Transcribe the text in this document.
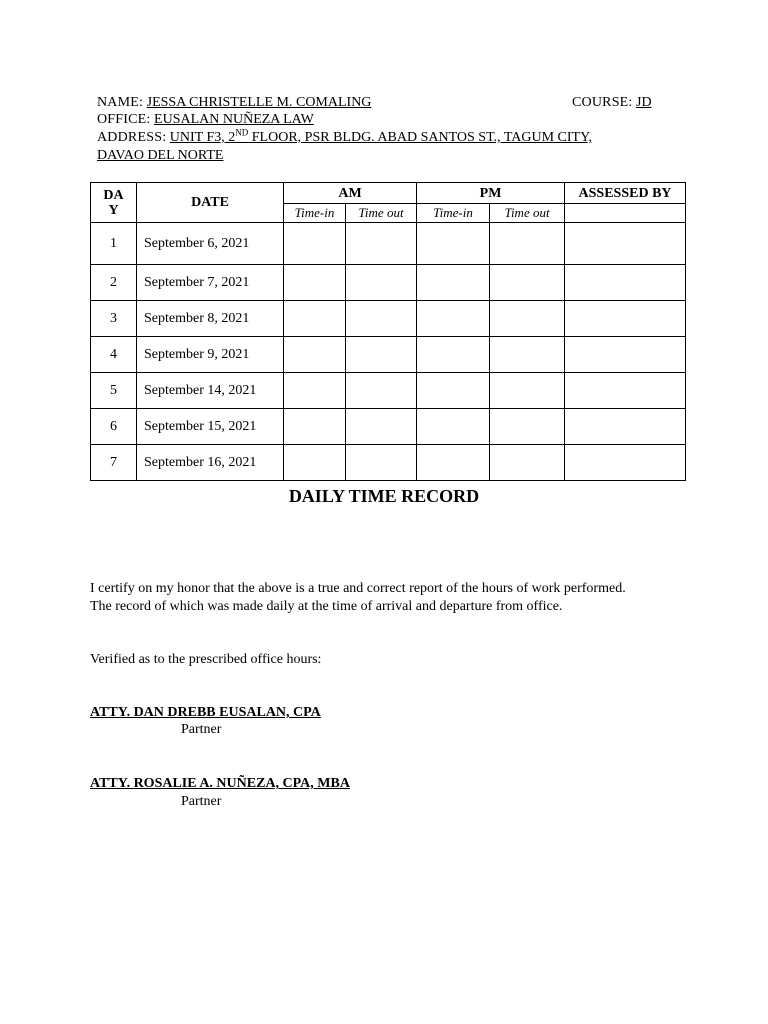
NAME: JESSA CHRISTELLE M. COMALING	COURSE: JD
OFFICE: EUSALAN NUÑEZA LAW
ADDRESS: UNIT F3, 2ND FLOOR, PSR BLDG. ABAD SANTOS ST., TAGUM CITY,
DAVAO DEL NORTE
DA Y	DATE	AM		PM		ASSESSED BY
		Time-in	Time out	Time-in	Time out	
1	September 6, 2021					
2	September 7, 2021					
3	September 8, 2021					
4	September 9, 2021					
5	September 14, 2021					
6	September 15, 2021					
7	September 16, 2021					
DAILY TIME RECORD
I certify on my honor that the above is a true and correct report of the hours of work performed.
The record of which was made daily at the time of arrival and departure from office.
Verified as to the prescribed office hours:
ATTY. DAN DREBB EUSALAN, CPA
Partner
ATTY. ROSALIE A. NUÑEZA, CPA, MBA
Partner
